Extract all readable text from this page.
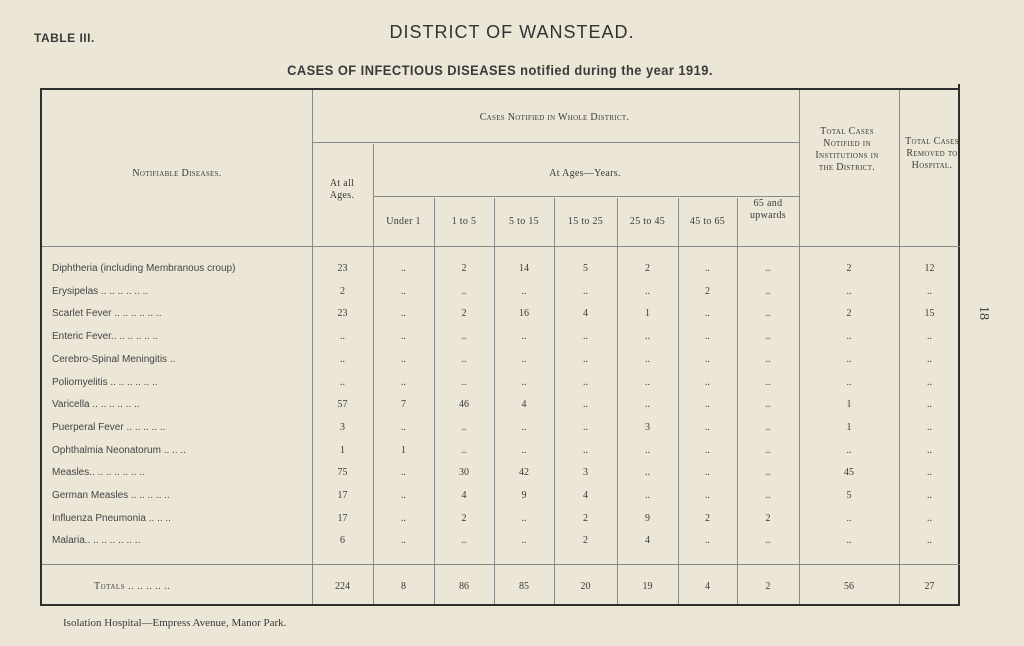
TABLE III.	DISTRICT OF WANSTEAD.
CASES OF INFECTIOUS DISEASES notified during the year 1919.
18
Notifiable Diseases.
Cases Notified in Whole District.
At all Ages.
At Ages—Years.
Total Cases Notified in Institutions in the District.
Total Cases Removed to Hospital.
Under 1	1 to 5	5 to 15	15 to 25	25 to 45	45 to 65
65 and upwards
Diphtheria (including Membranous croup)	23	..	2	14	5	2	..	..	2	12
Erysipelas .. .. .. .. .. ..	2	..	..	..	..	..	2	..	..	..
Scarlet Fever .. .. .. .. .. ..	23	..	2	16	4	1	..	..	2	15
Enteric Fever.. .. .. .. .. ..	..	..	..	..	..	..	..	..	..	..
Cerebro-Spinal Meningitis ..	..	..	..	..	..	..	..	..	..	..
Poliomyelitis .. .. .. .. .. ..	..	..	..	..	..	..	..	..	..	..
Varicella .. .. .. .. .. ..	57	7	46	4	..	..	..	..	1	..
Puerperal Fever .. .. .. .. ..	3	..	..	..	..	3	..	..	1	..
Ophthalmia Neonatorum .. .. ..	1	1	..	..	..	..	..	..	..	..
Measles.. .. .. .. .. .. ..	75	..	30	42	3	..	..	..	45	..
German Measles .. .. .. .. ..	17	..	4	9	4	..	..	..	5	..
Influenza Pneumonia .. .. ..	17	..	2	..	2	9	2	2	..	..
Malaria.. .. .. .. .. .. ..	6	..	..	..	2	4	..	..	..	..
Totals .. .. .. .. ..	224	8	86	85	20	19	4	2	56	27
Isolation Hospital—Empress Avenue, Manor Park.
